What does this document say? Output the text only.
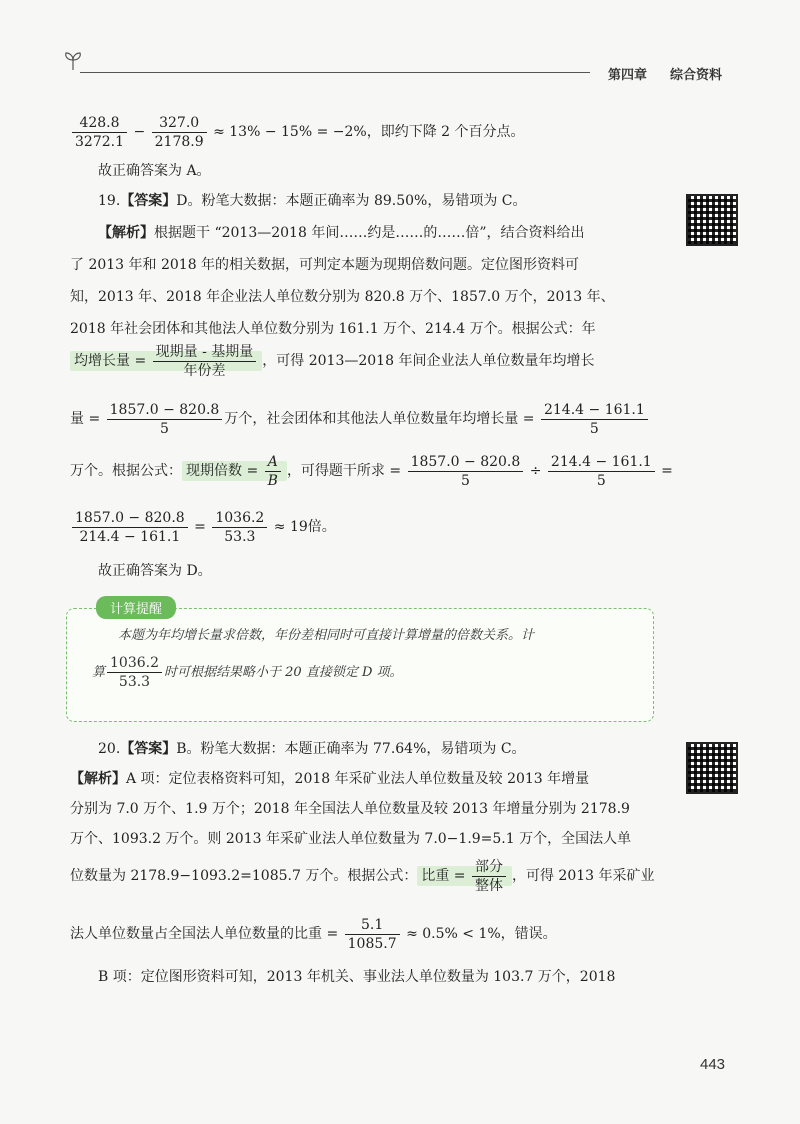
第四章 综合资料
$\frac{428.8}{3272.1} - \frac{327.0}{2178.9} \approx 13\% - 15\% = -2\%$，即约下降 2 个百分点。
故正确答案为 A。
19.【答案】D。粉笔大数据：本题正确率为 89.50%，易错项为 C。
【解析】根据题干 “2013—2018 年间……约是……的……倍”，结合资料给出
了 2013 年和 2018 年的相关数据，可判定本题为现期倍数问题。定位图形资料可
知，2013 年、2018 年企业法人单位数分别为 820.8 万个、1857.0 万个，2013 年、
2018 年社会团体和其他法人单位数分别为 161.1 万个、214.4 万个。根据公式：年
均增长量 = $\frac{\text{现期量 - 基期量}}{\text{年份差}}$ ，可得 2013—2018 年间企业法人单位数量年均增长
量 = $\frac{1857.0 - 820.8}{5}$ 万个，社会团体和其他法人单位数量年均增长量 = $\frac{214.4 - 161.1}{5}$
万个。根据公式： 现期倍数 = $\frac{A}{B}$ ，可得题干所求 = $\frac{1857.0 - 820.8}{5} \div \frac{214.4 - 161.1}{5}$ =
$\frac{1857.0 - 820.8}{214.4 - 161.1} = \frac{1036.2}{53.3} \approx 19$倍。
故正确答案为 D。
计算提醒
本题为年均增长量求倍数，年份差相同时可直接计算增量的倍数关系。计
算 $\frac{1036.2}{53.3}$ 时可根据结果略小于 20 直接锁定 D 项。
20.【答案】B。粉笔大数据：本题正确率为 77.64%，易错项为 C。
【解析】A 项：定位表格资料可知，2018 年采矿业法人单位数量及较 2013 年增量
分别为 7.0 万个、1.9 万个；2018 年全国法人单位数量及较 2013 年增量分别为 2178.9
万个、1093.2 万个。则 2013 年采矿业法人单位数量为 7.0−1.9=5.1 万个，全国法人单
位数量为 2178.9−1093.2=1085.7 万个。根据公式： 比重 = $\frac{\text{部分}}{\text{整体}}$ ，可得 2013 年采矿业
法人单位数量占全国法人单位数量的比重 = $\frac{5.1}{1085.7} \approx 0.5\% < 1\%$，错误。
B 项：定位图形资料可知，2013 年机关、事业法人单位数量为 103.7 万个，2018
443
